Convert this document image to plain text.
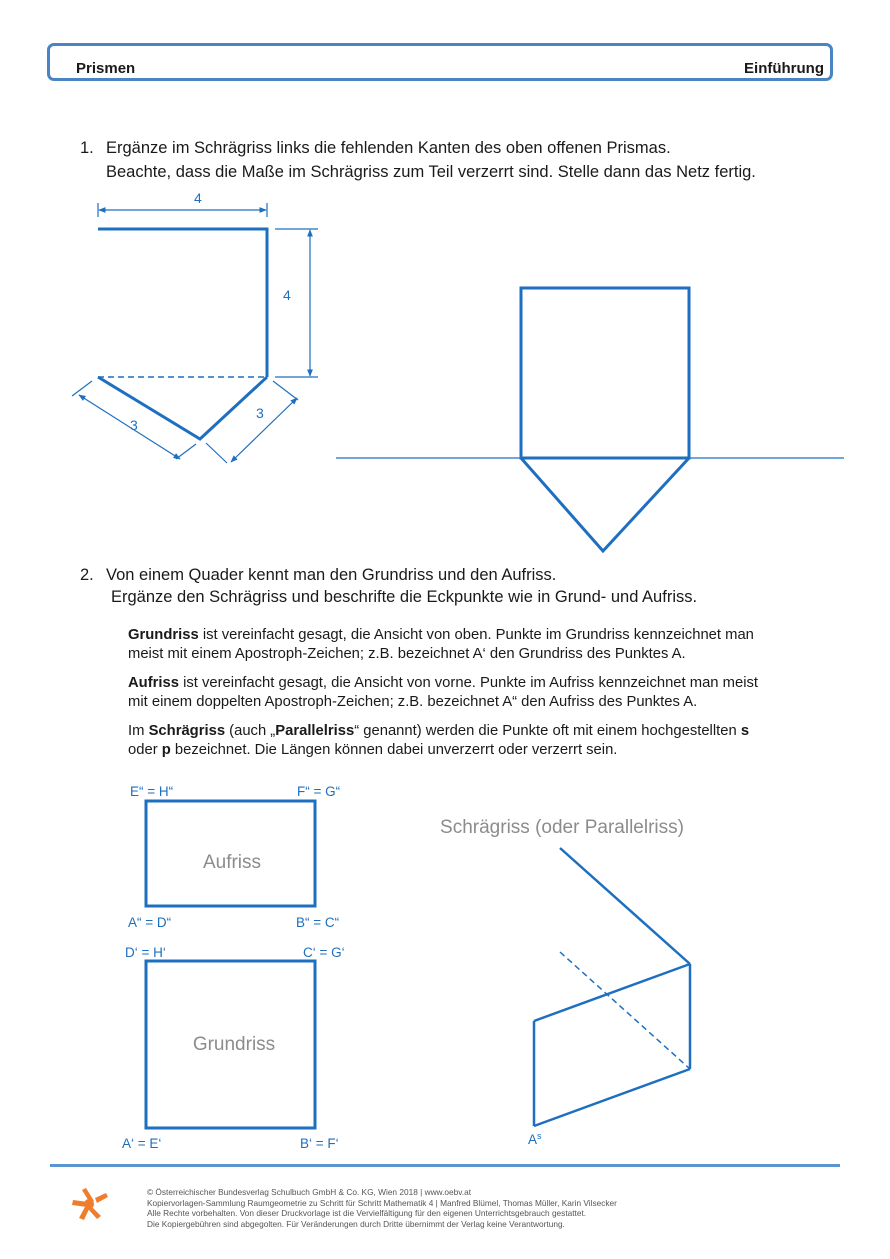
Prismen	Einführung
1. Ergänze im Schrägriss links die fehlenden Kanten des oben offenen Prismas.
Beachte, dass die Maße im Schrägriss zum Teil verzerrt sind. Stelle dann das Netz fertig.
2. Von einem Quader kennt man den Grundriss und den Aufriss.
Ergänze den Schrägriss und beschrifte die Eckpunkte wie in Grund- und Aufriss.
Grundriss ist vereinfacht gesagt, die Ansicht von oben. Punkte im Grundriss kennzeichnet man
meist mit einem Apostroph-Zeichen; z.B. bezeichnet A‘ den Grundriss des Punktes A.
Aufriss ist vereinfacht gesagt, die Ansicht von vorne. Punkte im Aufriss kennzeichnet man meist
mit einem doppelten Apostroph-Zeichen; z.B. bezeichnet A“ den Aufriss des Punktes A.
Im Schrägriss (auch „Parallelriss“ genannt) werden die Punkte oft mit einem hochgestellten s
oder p bezeichnet. Die Längen können dabei unverzerrt oder verzerrt sein.
4
4
3
3
Aufriss
E“ = H“	F“ = G“
A“ = D“	B“ = C“
Grundriss
D‘ = H‘	C‘ = G‘
A‘ = E‘	B‘ = F‘
Schrägriss (oder Parallelriss)
$A^s$
© Österreichischer Bundesverlag Schulbuch GmbH & Co. KG, Wien 2018 | www.oebv.at
Kopiervorlagen-Sammlung Raumgeometrie zu Schritt für Schritt Mathematik 4 | Manfred Blümel, Thomas Müller, Karin Vilsecker
Alle Rechte vorbehalten. Von dieser Druckvorlage ist die Vervielfältigung für den eigenen Unterrichtsgebrauch gestattet.
Die Kopiergebühren sind abgegolten. Für Veränderungen durch Dritte übernimmt der Verlag keine Verantwortung.
